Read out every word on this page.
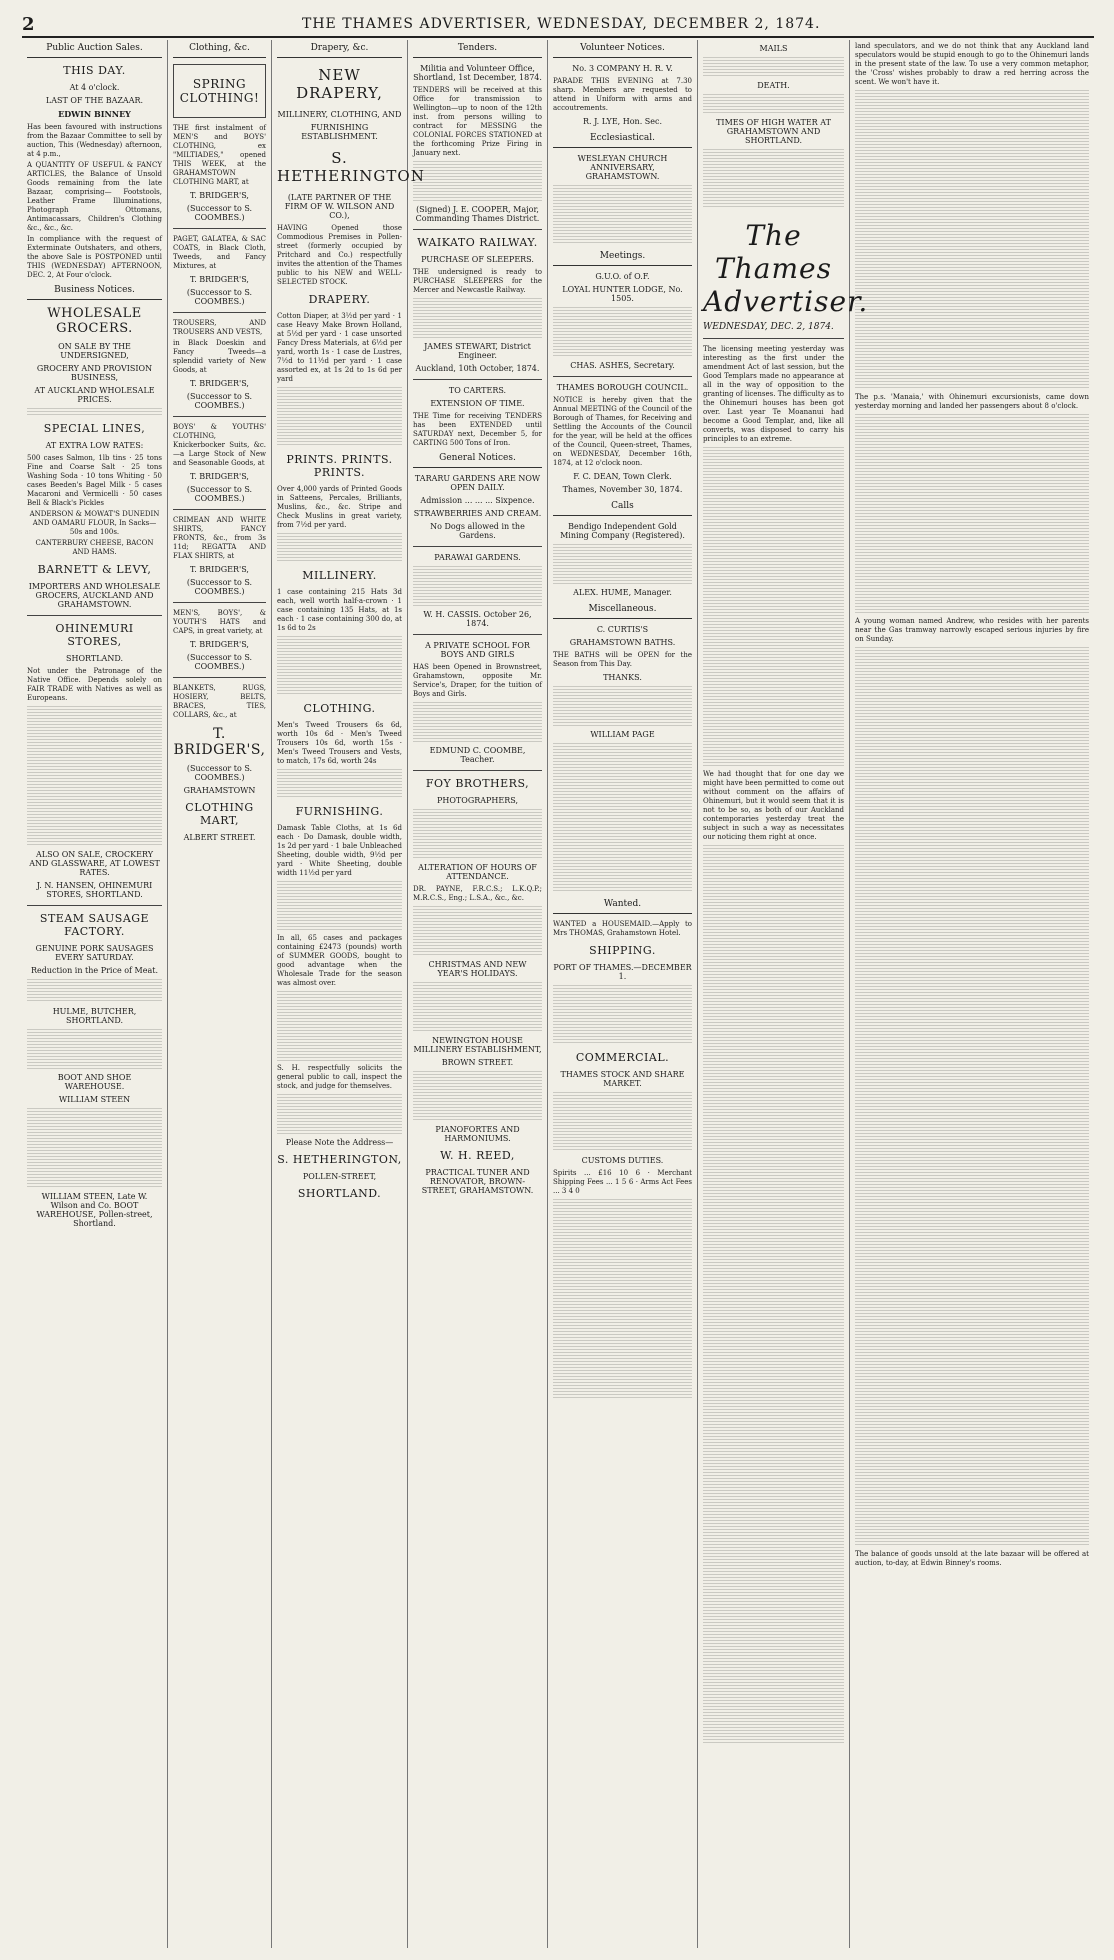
2	THE THAMES ADVERTISER, WEDNESDAY, DECEMBER 2, 1874.
Public Auction Sales.
THIS DAY.
At 4 o'clock.
LAST OF THE BAZAAR.
EDWIN BINNEY
Has been favoured with instructions from the Bazaar Committee to sell by auction, This (Wednesday) afternoon, at 4 p.m.,
A QUANTITY OF USEFUL & FANCY ARTICLES, the Balance of Unsold Goods remaining from the late Bazaar, comprising— Footstools, Leather Frame Illuminations, Photograph Ottomans, Antimacassars, Children's Clothing &c., &c., &c.
In compliance with the request of Exterminate Outshaters, and others, the above Sale is POSTPONED until THIS (WEDNESDAY) AFTERNOON, DEC. 2, At Four o'clock.
Business Notices.
WHOLESALE GROCERS.
ON SALE BY THE UNDERSIGNED,
GROCERY AND PROVISION BUSINESS,
AT AUCKLAND WHOLESALE PRICES.
SPECIAL LINES,
AT EXTRA LOW RATES:
500 cases Salmon, 1lb tins · 25 tons Fine and Coarse Salt · 25 tons Washing Soda · 10 tons Whiting · 50 cases Beeden's Bagel Milk · 5 cases Macaroni and Vermicelli · 50 cases Bell & Black's Pickles
ANDERSON & MOWAT'S DUNEDIN AND OAMARU FLOUR, In Sacks—50s and 100s.
CANTERBURY CHEESE, BACON AND HAMS.
BARNETT & LEVY,
IMPORTERS AND WHOLESALE GROCERS, AUCKLAND AND GRAHAMSTOWN.
OHINEMURI STORES,
SHORTLAND.
Not under the Patronage of the Native Office. Depends solely on FAIR TRADE with Natives as well as Europeans.
ALSO ON SALE, CROCKERY AND GLASSWARE, AT LOWEST RATES.
J. N. HANSEN, OHINEMURI STORES, SHORTLAND.
STEAM SAUSAGE FACTORY.
GENUINE PORK SAUSAGES EVERY SATURDAY.
Reduction in the Price of Meat.
HULME, BUTCHER, SHORTLAND.
BOOT AND SHOE WAREHOUSE.
WILLIAM STEEN
WILLIAM STEEN, Late W. Wilson and Co. BOOT WAREHOUSE, Pollen-street, Shortland.
Clothing, &c.
SPRING CLOTHING!
THE first instalment of MEN'S and BOYS' CLOTHING, ex "MILTIADES," opened THIS WEEK, at the GRAHAMSTOWN CLOTHING MART, at
T. BRIDGER'S,
(Successor to S. COOMBES.)
PAGET, GALATEA, & SAC COATS, in Black Cloth, Tweeds, and Fancy Mixtures, at
T. BRIDGER'S,
(Successor to S. COOMBES.)
TROUSERS, AND TROUSERS AND VESTS,
in Black Doeskin and Fancy Tweeds—a splendid variety of New Goods, at
T. BRIDGER'S,
(Successor to S. COOMBES.)
BOYS' & YOUTHS' CLOTHING, Knickerbocker Suits, &c.—a Large Stock of New and Seasonable Goods, at
T. BRIDGER'S,
(Successor to S. COOMBES.)
CRIMEAN AND WHITE SHIRTS, FANCY FRONTS, &c., from 3s 11d; REGATTA AND FLAX SHIRTS, at
T. BRIDGER'S,
(Successor to S. COOMBES.)
MEN'S, BOYS', & YOUTH'S HATS and CAPS, in great variety, at
T. BRIDGER'S,
(Successor to S. COOMBES.)
BLANKETS, RUGS, HOSIERY, BELTS, BRACES, TIES, COLLARS, &c., at
T. BRIDGER'S,
(Successor to S. COOMBES.)
GRAHAMSTOWN
CLOTHING MART,
ALBERT STREET.
Drapery, &c.
NEW DRAPERY,
MILLINERY, CLOTHING, AND
FURNISHING ESTABLISHMENT.
S. HETHERINGTON
(LATE PARTNER OF THE FIRM OF W. WILSON AND CO.),
HAVING Opened those Commodious Premises in Pollen-street (formerly occupied by Pritchard and Co.) respectfully invites the attention of the Thames public to his NEW and WELL-SELECTED STOCK.
DRAPERY.
Cotton Diaper, at 3½d per yard · 1 case Heavy Make Brown Holland, at 5½d per yard · 1 case unsorted Fancy Dress Materials, at 6½d per yard, worth 1s · 1 case de Lustres, 7½d to 11½d per yard · 1 case assorted ex, at 1s 2d to 1s 6d per yard
PRINTS. PRINTS. PRINTS.
Over 4,000 yards of Printed Goods in Satteens, Percales, Brilliants, Muslins, &c., &c. Stripe and Check Muslins in great variety, from 7½d per yard.
MILLINERY.
1 case containing 215 Hats 3d each, well worth half-a-crown · 1 case containing 135 Hats, at 1s each · 1 case containing 300 do, at 1s 6d to 2s
CLOTHING.
Men's Tweed Trousers 6s 6d, worth 10s 6d · Men's Tweed Trousers 10s 6d, worth 15s · Men's Tweed Trousers and Vests, to match, 17s 6d, worth 24s
FURNISHING.
Damask Table Cloths, at 1s 6d each · Do Damask, double width, 1s 2d per yard · 1 bale Unbleached Sheeting, double width, 9½d per yard · White Sheeting, double width 11½d per yard
In all, 65 cases and packages containing £2473 (pounds) worth of SUMMER GOODS, bought to good advantage when the Wholesale Trade for the season was almost over.
S. H. respectfully solicits the general public to call, inspect the stock, and judge for themselves.
Please Note the Address—
S. HETHERINGTON,
POLLEN-STREET,
SHORTLAND.
Tenders.
Militia and Volunteer Office, Shortland, 1st December, 1874.
TENDERS will be received at this Office for transmission to Wellington—up to noon of the 12th inst. from persons willing to contract for MESSING the COLONIAL FORCES STATIONED at the forthcoming Prize Firing in January next.
(Signed) J. E. COOPER, Major, Commanding Thames District.
WAIKATO RAILWAY.
PURCHASE OF SLEEPERS.
THE undersigned is ready to PURCHASE SLEEPERS for the Mercer and Newcastle Railway.
JAMES STEWART, District Engineer.
Auckland, 10th October, 1874.
TO CARTERS.
EXTENSION OF TIME.
THE Time for receiving TENDERS has been EXTENDED until SATURDAY next, December 5, for CARTING 500 Tons of Iron.
General Notices.
TARARU GARDENS ARE NOW OPEN DAILY.
Admission ... ... ... Sixpence.
STRAWBERRIES AND CREAM.
No Dogs allowed in the Gardens.
PARAWAI GARDENS.
W. H. CASSIS. October 26, 1874.
A PRIVATE SCHOOL FOR BOYS AND GIRLS
HAS been Opened in Brownstreet, Grahamstown, opposite Mr. Service's, Draper, for the tuition of Boys and Girls.
EDMUND C. COOMBE, Teacher.
FOY BROTHERS,
PHOTOGRAPHERS,
ALTERATION OF HOURS OF ATTENDANCE.
DR. PAYNE, F.R.C.S.; L.K.Q.P.; M.R.C.S., Eng.; L.S.A., &c., &c.
CHRISTMAS AND NEW YEAR'S HOLIDAYS.
NEWINGTON HOUSE MILLINERY ESTABLISHMENT,
BROWN STREET.
PIANOFORTES AND HARMONIUMS.
W. H. REED,
PRACTICAL TUNER AND RENOVATOR, BROWN-STREET, GRAHAMSTOWN.
Volunteer Notices.
No. 3 COMPANY H. R. V.
PARADE THIS EVENING at 7.30 sharp. Members are requested to attend in Uniform with arms and accoutrements.
R. J. LYE, Hon. Sec.
Ecclesiastical.
WESLEYAN CHURCH ANNIVERSARY, GRAHAMSTOWN.
Meetings.
G.U.O. of O.F.
LOYAL HUNTER LODGE, No. 1505.
CHAS. ASHES, Secretary.
THAMES BOROUGH COUNCIL.
NOTICE is hereby given that the Annual MEETING of the Council of the Borough of Thames, for Receiving and Settling the Accounts of the Council for the year, will be held at the offices of the Council, Queen-street, Thames, on WEDNESDAY, December 16th, 1874, at 12 o'clock noon.
F. C. DEAN, Town Clerk.
Thames, November 30, 1874.
Calls
Bendigo Independent Gold Mining Company (Registered).
ALEX. HUME, Manager.
Miscellaneous.
C. CURTIS'S
GRAHAMSTOWN BATHS.
THE BATHS will be OPEN for the Season from This Day.
THANKS.
WILLIAM PAGE
Wanted.
WANTED a HOUSEMAID.—Apply to Mrs THOMAS, Grahamstown Hotel.
SHIPPING.
PORT OF THAMES.—DECEMBER 1.
COMMERCIAL.
THAMES STOCK AND SHARE MARKET.
CUSTOMS DUTIES.
Spirits ... £16 10 6 · Merchant Shipping Fees ... 1 5 6 · Arms Act Fees ... 3 4 0
MAILS
DEATH.
TIMES OF HIGH WATER AT GRAHAMSTOWN AND SHORTLAND.
The Thames Advertiser.
WEDNESDAY, DEC. 2, 1874.
The licensing meeting yesterday was interesting as the first under the amendment Act of last session, but the Good Templars made no appearance at all in the way of opposition to the granting of licenses. The difficulty as to the Ohinemuri houses has been got over. Last year Te Moananui had become a Good Templar, and, like all converts, was disposed to carry his principles to an extreme.
We had thought that for one day we might have been permitted to come out without comment on the affairs of Ohinemuri, but it would seem that it is not to be so, as both of our Auckland contemporaries yesterday treat the subject in such a way as necessitates our noticing them right at once.
land speculators, and we do not think that any Auckland land speculators would be stupid enough to go to the Ohinemuri lands in the present state of the law. To use a very common metaphor, the 'Cross' wishes probably to draw a red herring across the scent. We won't have it.
The p.s. 'Manaia,' with Ohinemuri excursionists, came down yesterday morning and landed her passengers about 8 o'clock.
A young woman named Andrew, who resides with her parents near the Gas tramway narrowly escaped serious injuries by fire on Sunday.
The balance of goods unsold at the late bazaar will be offered at auction, to-day, at Edwin Binney's rooms.
